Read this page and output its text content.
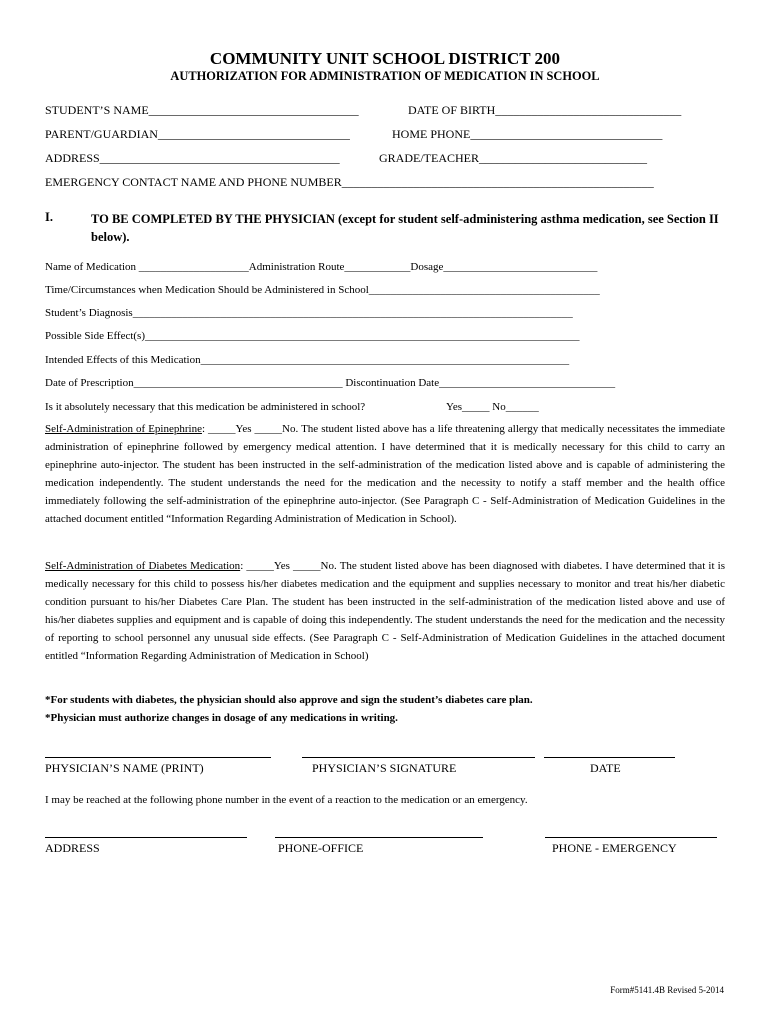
COMMUNITY UNIT SCHOOL DISTRICT 200
AUTHORIZATION FOR ADMINISTRATION OF MEDICATION IN SCHOOL
STUDENT’S NAME___________________________________	DATE OF BIRTH_______________________________
PARENT/GUARDIAN________________________________	HOME PHONE________________________________
ADDRESS________________________________________	GRADE/TEACHER____________________________
EMERGENCY CONTACT NAME AND PHONE NUMBER____________________________________________________
I.	TO BE COMPLETED BY THE PHYSICIAN (except for student self-administering asthma medication, see Section II below).
Name of Medication ____________________Administration Route____________Dosage____________________________
Time/Circumstances when Medication Should be Administered in School__________________________________________
Student’s Diagnosis________________________________________________________________________________
Possible Side Effect(s)_______________________________________________________________________________
Intended Effects of this Medication___________________________________________________________________
Date of Prescription______________________________________ Discontinuation Date________________________________
Is it absolutely necessary that this medication be administered in school?	Yes_____ No______
Self-Administration of Epinephrine: _____Yes _____No. The student listed above has a life threatening allergy that medically necessitates the immediate administration of epinephrine followed by emergency medical attention. I have determined that it is medically necessary for this child to carry an epinephrine auto-injector. The student has been instructed in the self-administration of the medication listed above and is capable of administering the medication independently. The student understands the need for the medication and the necessity to notify a staff member and the health office immediately following the self-administration of the epinephrine auto-injector. (See Paragraph C - Self-Administration of Medication Guidelines in the attached document entitled “Information Regarding Administration of Medication in School).
Self-Administration of Diabetes Medication: _____Yes _____No. The student listed above has been diagnosed with diabetes. I have determined that it is medically necessary for this child to possess his/her diabetes medication and the equipment and supplies necessary to monitor and treat his/her diabetic condition pursuant to his/her Diabetes Care Plan. The student has been instructed in the self-administration of the medication listed above and use of his/her diabetes supplies and equipment and is capable of doing this independently. The student understands the need for the medication and the necessity of reporting to school personnel any unusual side effects. (See Paragraph C - Self-Administration of Medication Guidelines in the attached document entitled “Information Regarding Administration of Medication in School)
*For students with diabetes, the physician should also approve and sign the student’s diabetes care plan.
*Physician must authorize changes in dosage of any medications in writing.
PHYSICIAN’S NAME (PRINT)	PHYSICIAN’S SIGNATURE	DATE
I may be reached at the following phone number in the event of a reaction to the medication or an emergency.
ADDRESS	PHONE-OFFICE	PHONE - EMERGENCY
Form#5141.4B Revised 5-2014
